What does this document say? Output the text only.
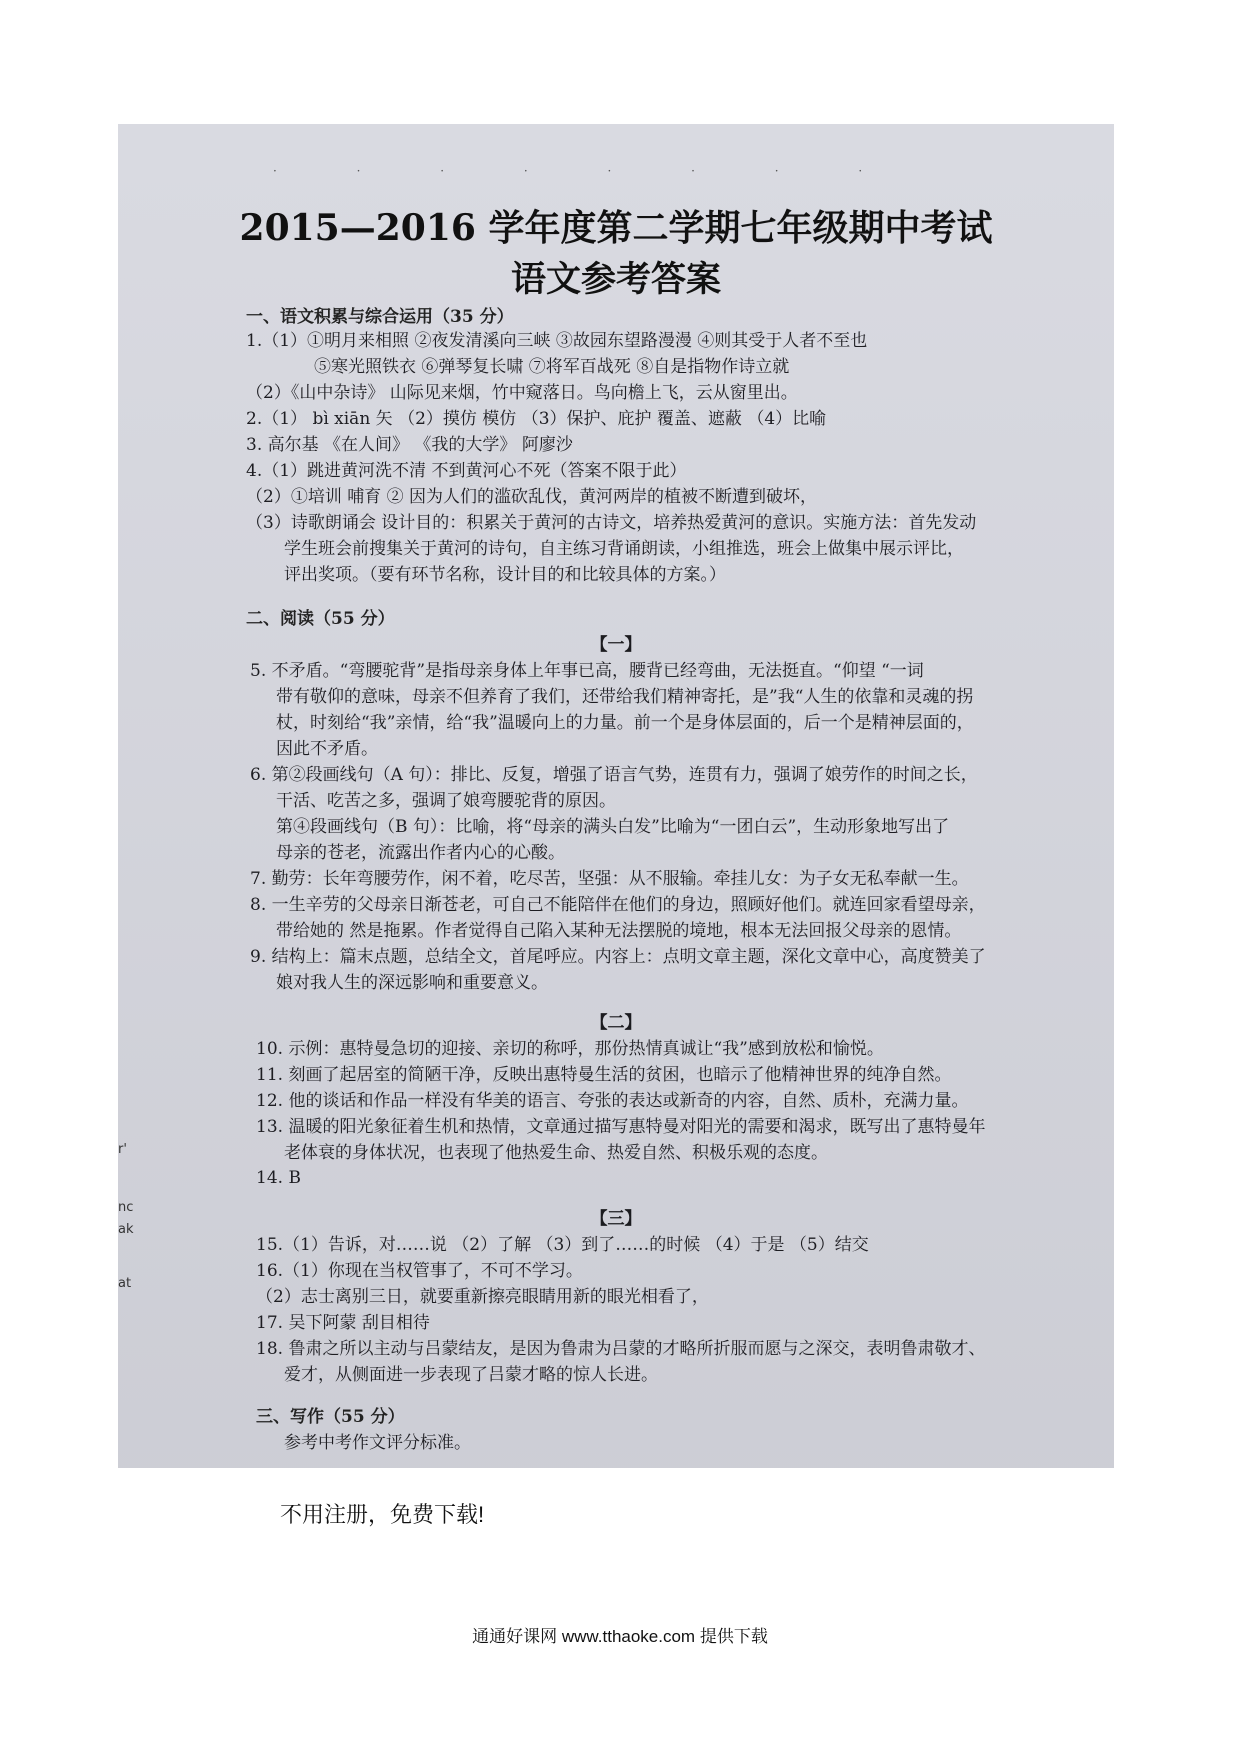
· · · · · · · ·
2015—2016 学年度第二学期七年级期中考试
语文参考答案
一、语文积累与综合运用（35 分）
1.（1）①明月来相照 ②夜发清溪向三峡 ③故园东望路漫漫 ④则其受于人者不至也
⑤寒光照铁衣 ⑥弹琴复长啸 ⑦将军百战死 ⑧自是指物作诗立就
（2）《山中杂诗》 山际见来烟，竹中窥落日。鸟向檐上飞，云从窗里出。
2.（1） bì xiān 矢 （2）摸仿 模仿 （3）保护、庇护 覆盖、遮蔽 （4）比喻
3. 高尔基 《在人间》 《我的大学》 阿廖沙
4.（1）跳进黄河洗不清 不到黄河心不死（答案不限于此）
（2）①培训 哺育 ② 因为人们的滥砍乱伐，黄河两岸的植被不断遭到破坏，
（3）诗歌朗诵会 设计目的：积累关于黄河的古诗文，培养热爱黄河的意识。实施方法：首先发动
学生班会前搜集关于黄河的诗句，自主练习背诵朗读，小组推选，班会上做集中展示评比，
评出奖项。（要有环节名称，设计目的和比较具体的方案。）
二、阅读（55 分）
【一】
5. 不矛盾。“弯腰驼背”是指母亲身体上年事已高，腰背已经弯曲，无法挺直。“仰望 “一词
带有敬仰的意味，母亲不但养育了我们，还带给我们精神寄托，是”我“人生的依靠和灵魂的拐
杖，时刻给“我”亲情，给“我”温暖向上的力量。前一个是身体层面的，后一个是精神层面的，
因此不矛盾。
6. 第②段画线句（A 句）：排比、反复，增强了语言气势，连贯有力，强调了娘劳作的时间之长，
干活、吃苦之多，强调了娘弯腰驼背的原因。
第④段画线句（B 句）：比喻，将“母亲的满头白发”比喻为“一团白云”，生动形象地写出了
母亲的苍老，流露出作者内心的心酸。
7. 勤劳：长年弯腰劳作，闲不着，吃尽苦，坚强：从不服输。牵挂儿女：为子女无私奉献一生。
8. 一生辛劳的父母亲日渐苍老，可自己不能陪伴在他们的身边，照顾好他们。就连回家看望母亲，
带给她的 然是拖累。作者觉得自己陷入某种无法摆脱的境地，根本无法回报父母亲的恩情。
9. 结构上：篇末点题，总结全文，首尾呼应。内容上：点明文章主题，深化文章中心，高度赞美了
娘对我人生的深远影响和重要意义。
【二】
10. 示例：惠特曼急切的迎接、亲切的称呼，那份热情真诚让“我”感到放松和愉悦。
11. 刻画了起居室的简陋干净，反映出惠特曼生活的贫困，也暗示了他精神世界的纯净自然。
12. 他的谈话和作品一样没有华美的语言、夸张的表达或新奇的内容，自然、质朴，充满力量。
13. 温暖的阳光象征着生机和热情，文章通过描写惠特曼对阳光的需要和渴求，既写出了惠特曼年
老体衰的身体状况，也表现了他热爱生命、热爱自然、积极乐观的态度。
14. B
【三】
15.（1）告诉，对……说 （2）了解 （3）到了……的时候 （4）于是 （5）结交
16.（1）你现在当权管事了，不可不学习。
（2）志士离别三日，就要重新擦亮眼睛用新的眼光相看了，
17. 吴下阿蒙 刮目相待
18. 鲁肃之所以主动与吕蒙结友，是因为鲁肃为吕蒙的才略所折服而愿与之深交，表明鲁肃敬才、
爱才，从侧面进一步表现了吕蒙才略的惊人长进。
三、写作（55 分）
参考中考作文评分标准。
r'
nc
ak
at
不用注册，免费下载!
通通好课网 www.tthaoke.com 提供下载
